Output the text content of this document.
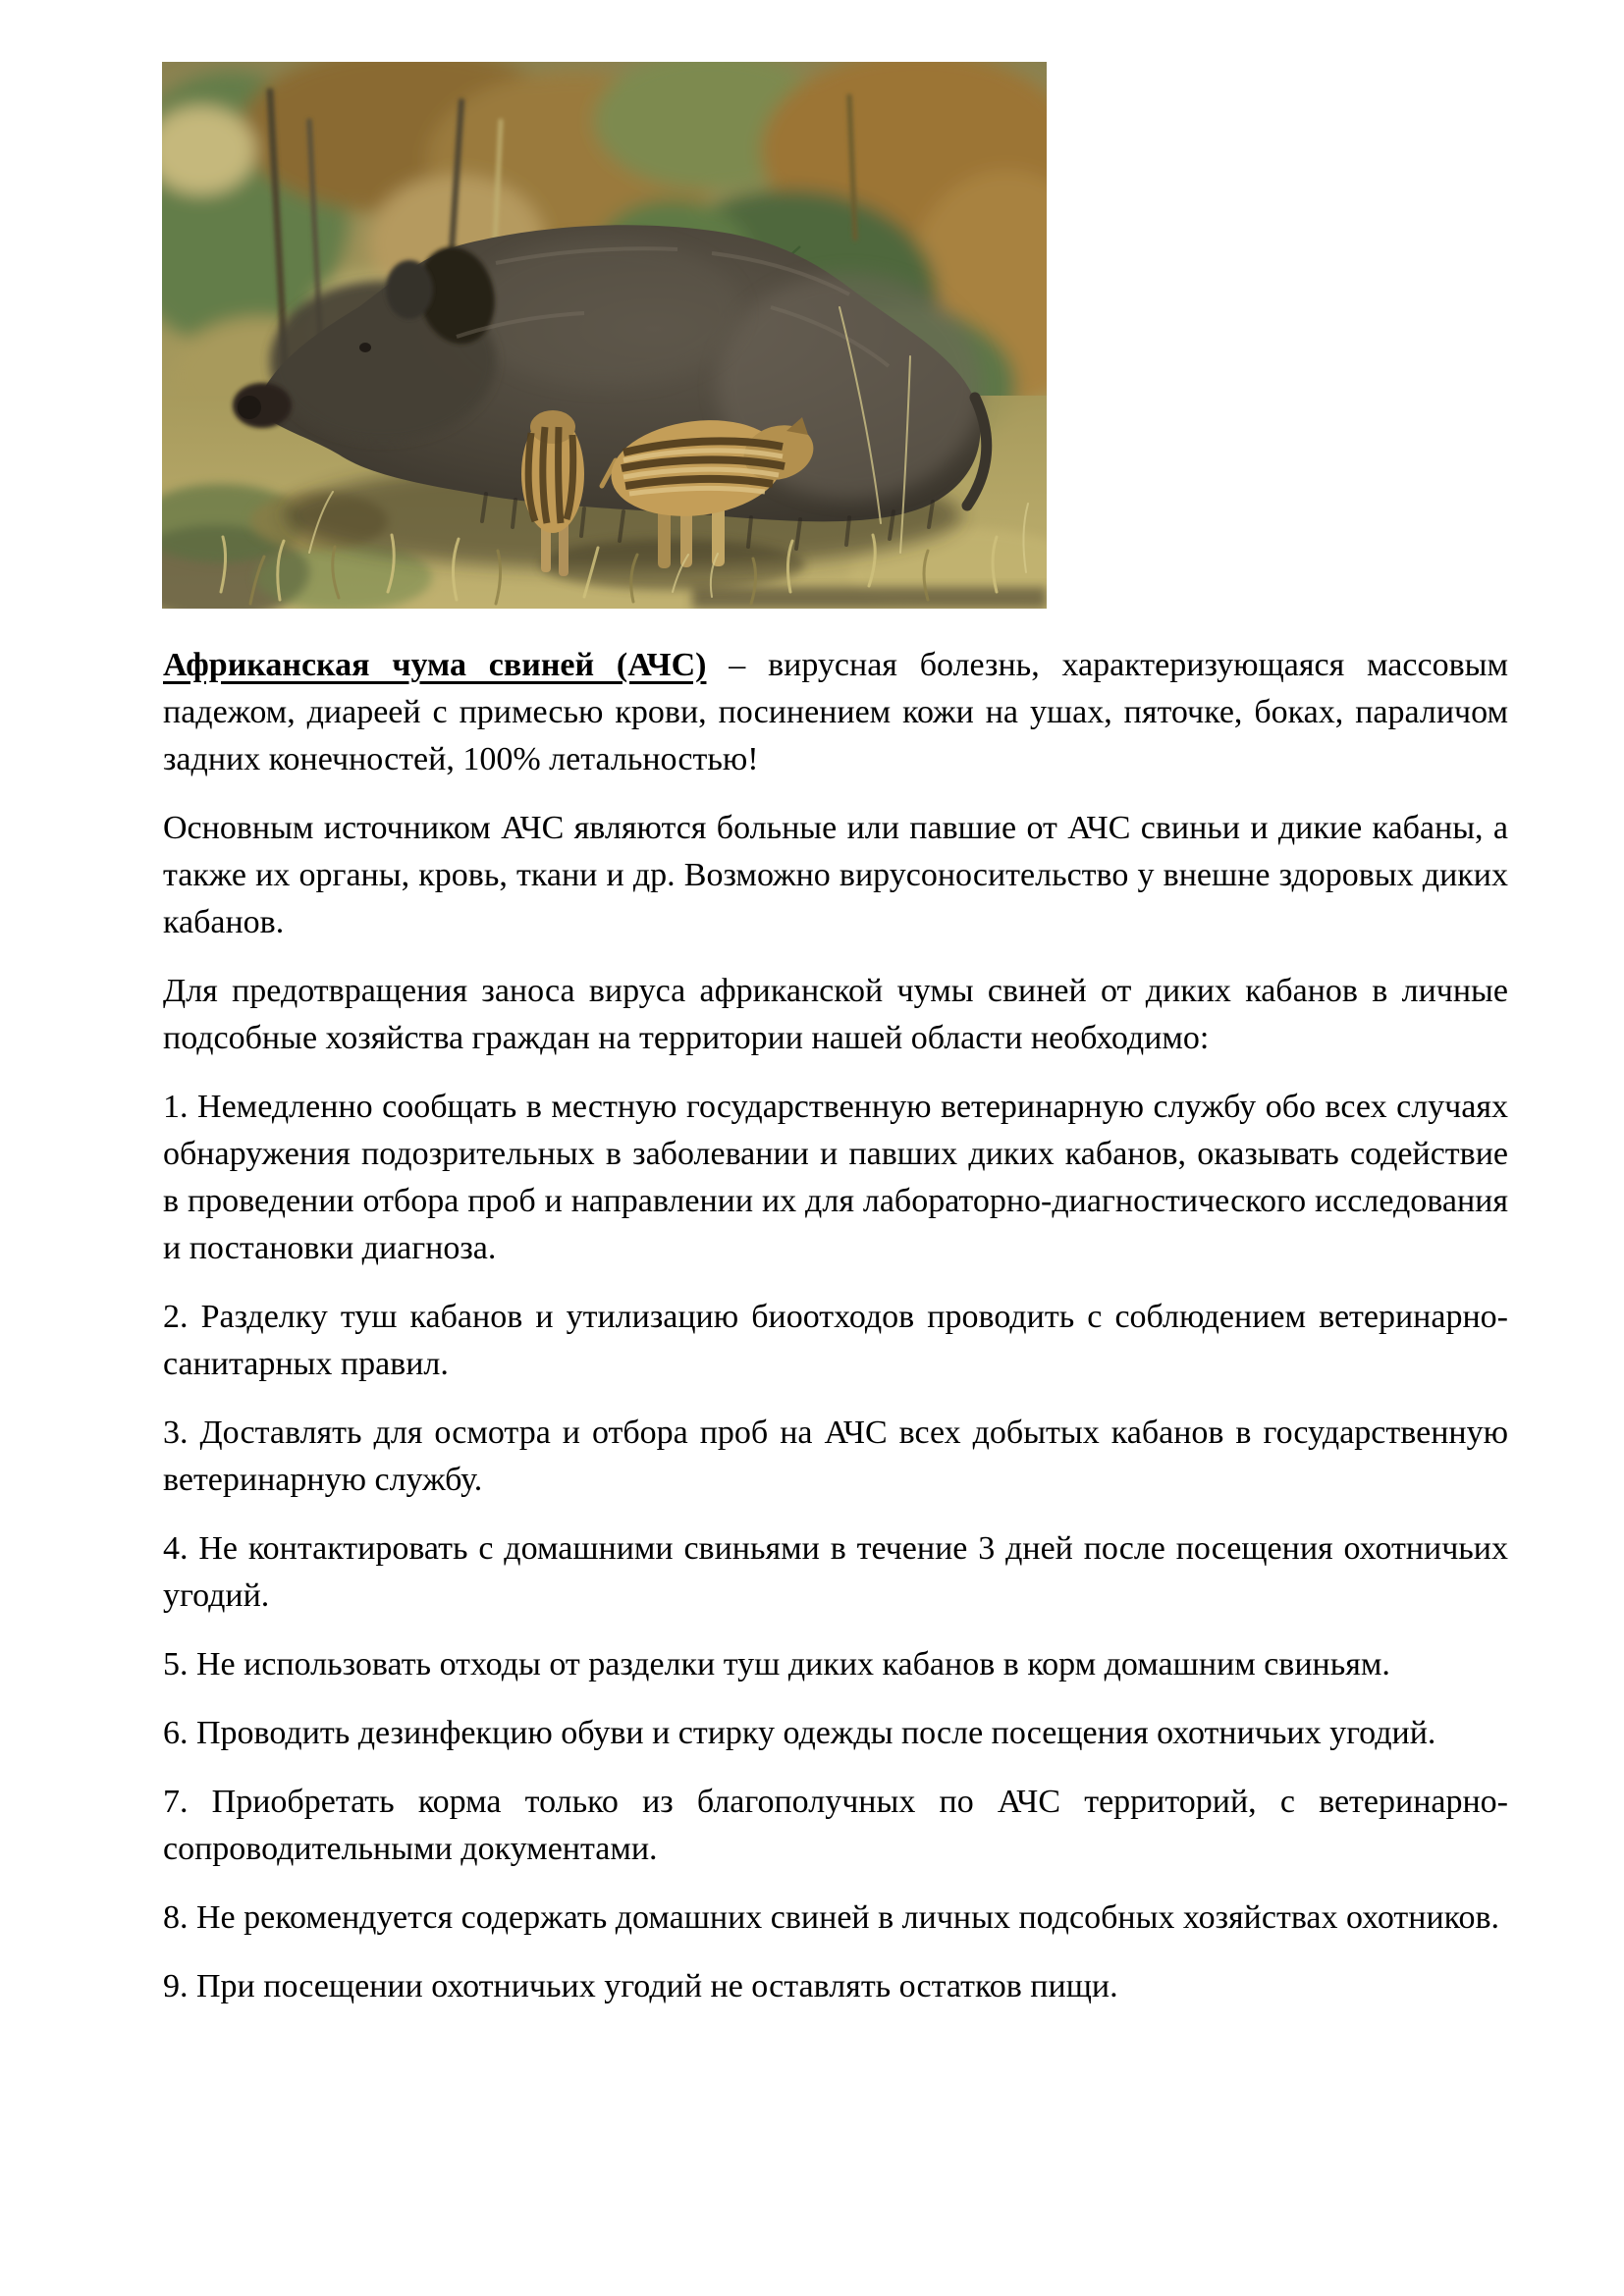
Африканская чума свиней (АЧС) – вирусная болезнь, характеризующаяся массовым падежом, диареей с примесью крови, посинением кожи на ушах, пяточке, боках, параличом задних конечностей, 100% летальностью!

Основным источником АЧС являются больные или павшие от АЧС свиньи и дикие кабаны, а также их органы, кровь, ткани и др. Возможно вирусоносительство у внешне здоровых диких кабанов.

Для предотвращения заноса вируса африканской чумы свиней от диких кабанов в личные подсобные хозяйства граждан на территории нашей области необходимо:

1. Немедленно сообщать в местную государственную ветеринарную службу обо всех случаях обнаружения подозрительных в заболевании и павших диких кабанов, оказывать содействие в проведении отбора проб и направлении их для лабораторно-диагностического исследования и постановки диагноза.

2. Разделку туш кабанов и утилизацию биоотходов проводить с соблюдением ветеринарно-санитарных правил.

3. Доставлять для осмотра и отбора проб на АЧС всех добытых кабанов в государственную ветеринарную службу.

4. Не контактировать с домашними свиньями в течение 3 дней после посещения охотничьих угодий.

5. Не использовать отходы от разделки туш диких кабанов в корм домашним свиньям.

6. Проводить дезинфекцию обуви и стирку одежды после посещения охотничьих угодий.

7. Приобретать корма только из благополучных по АЧС территорий, с ветеринарно-сопроводительными документами.

8. Не рекомендуется содержать домашних свиней в личных подсобных хозяйствах охотников.

9. При посещении охотничьих угодий не оставлять остатков пищи.
